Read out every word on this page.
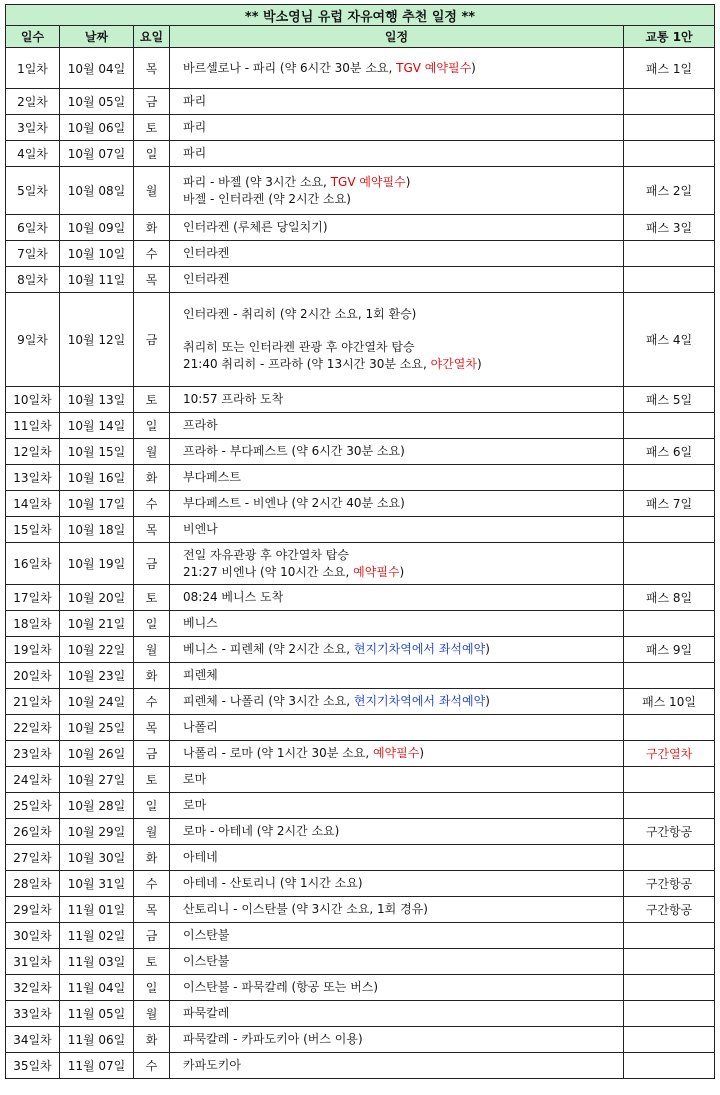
** 박소영님 유럽 자유여행 추천 일정 **				
일수	날짜	요일	일정	교통 1안
1일차	10월 04일	목	바르셀로나 - 파리 (약 6시간 30분 소요, TGV 예약필수)	패스 1일
2일차	10월 05일	금	파리	

3일차	10월 06일	토	파리	

4일차	10월 07일	일	파리	

5일차	10월 08일	월	파리 - 바젤 (약 3시간 소요, TGV 예약필수)
바젤 - 인터라켄 (약 2시간 소요)	패스 2일
6일차	10월 09일	화	인터라켄 (루체른 당일치기)	패스 3일
7일차	10월 10일	수	인터라켄	

8일차	10월 11일	목	인터라켄	

9일차	10월 12일	금	인터라켄 - 취리히 (약 2시간 소요, 1회 환승)
취리히 또는 인터라켄 관광 후 야간열차 탑승
21:40 취리히 - 프라하 (약 13시간 30분 소요, 야간열차)	패스 4일
10일차	10월 13일	토	10:57 프라하 도착	패스 5일
11일차	10월 14일	일	프라하	

12일차	10월 15일	월	프라하 - 부다페스트 (약 6시간 30분 소요)	패스 6일
13일차	10월 16일	화	부다페스트	

14일차	10월 17일	수	부다페스트 - 비엔나 (약 2시간 40분 소요)	패스 7일
15일차	10월 18일	목	비엔나	

16일차	10월 19일	금	전일 자유관광 후 야간열차 탑승
21:27 비엔나 (약 10시간 소요, 예약필수)	

17일차	10월 20일	토	08:24 베니스 도착	패스 8일
18일차	10월 21일	일	베니스	

19일차	10월 22일	월	베니스 - 피렌체 (약 2시간 소요, 현지기차역에서 좌석예약)	패스 9일
20일차	10월 23일	화	피렌체	

21일차	10월 24일	수	피렌체 - 나폴리 (약 3시간 소요, 현지기차역에서 좌석예약)	패스 10일
22일차	10월 25일	목	나폴리	

23일차	10월 26일	금	나폴리 - 로마 (약 1시간 30분 소요, 예약필수)	구간열차
24일차	10월 27일	토	로마	

25일차	10월 28일	일	로마	

26일차	10월 29일	월	로마 - 아테네 (약 2시간 소요)	구간항공
27일차	10월 30일	화	아테네	

28일차	10월 31일	수	아테네 - 산토리니 (약 1시간 소요)	구간항공
29일차	11월 01일	목	산토리니 - 이스탄불 (약 3시간 소요, 1회 경유)	구간항공
30일차	11월 02일	금	이스탄불	

31일차	11월 03일	토	이스탄불	

32일차	11월 04일	일	이스탄불 - 파묵칼레 (항공 또는 버스)	

33일차	11월 05일	월	파묵칼레	

34일차	11월 06일	화	파묵칼레 - 카파도키아 (버스 이용)	

35일차	11월 07일	수	카파도키아	
